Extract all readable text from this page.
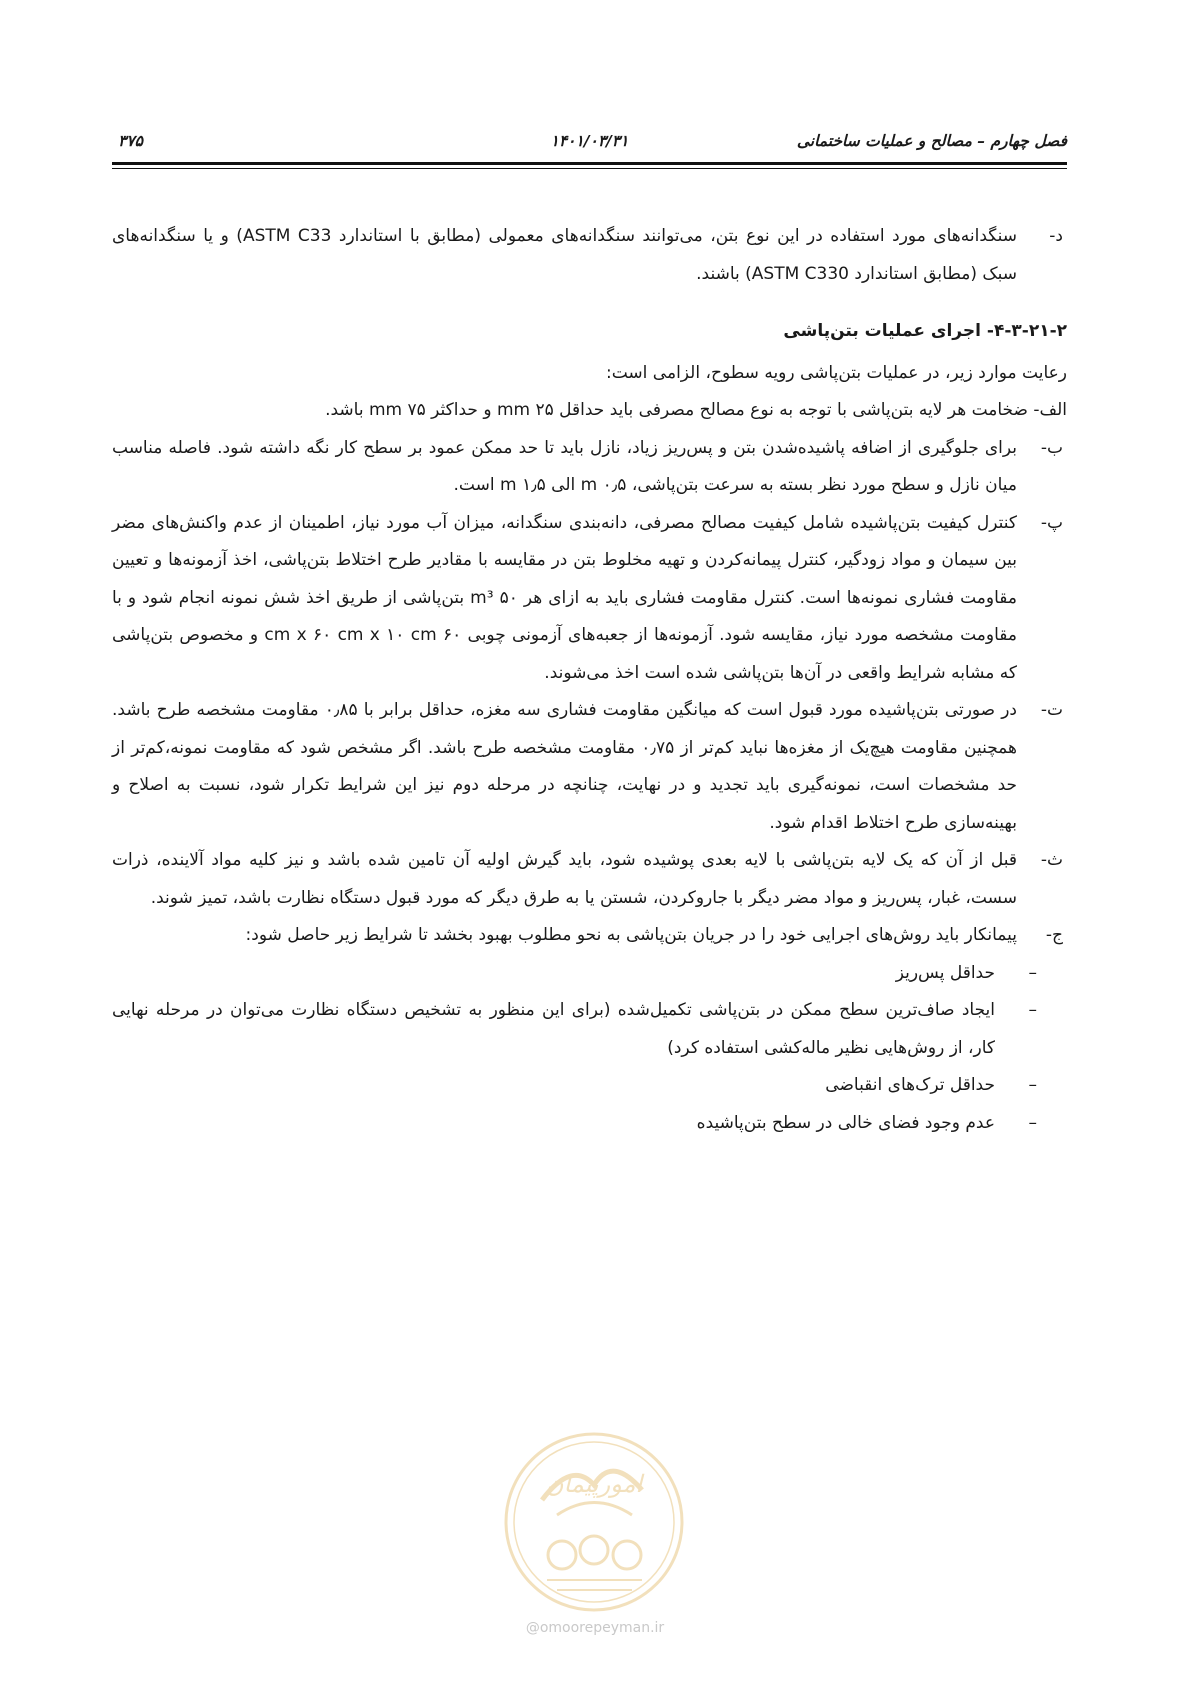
فصل چهارم – مصالح و عملیات ساختمانی
۱۴۰۱/۰۳/۳۱
۳۷۵

د-
سنگدانه‌های مورد استفاده در این نوع بتن، می‌توانند سنگدانه‌های معمولی (مطابق با استاندارد ASTM C33) و یا سنگدانه‌های سبک (مطابق استاندارد ASTM C330) باشند.

۴-۳-۲۱-۲- اجرای عملیات بتن‌پاشی

رعایت موارد زیر، در عملیات بتن‌پاشی رویه سطوح، الزامی است:

الف- ضخامت هر لایه بتن‌پاشی با توجه به نوع مصالح مصرفی باید حداقل ۲۵ mm و حداکثر ۷۵ mm باشد.

ب-
برای جلوگیری از اضافه پاشیده‌شدن بتن و پس‌ریز زیاد، نازل باید تا حد ممکن عمود بر سطح کار نگه داشته شود. فاصله مناسب میان نازل و سطح مورد نظر بسته به سرعت بتن‌پاشی، ۰٫۵ m الی ۱٫۵ m است.

پ-
کنترل کیفیت بتن‌پاشیده شامل کیفیت مصالح مصرفی، دانه‌بندی سنگدانه، میزان آب مورد نیاز، اطمینان از عدم واکنش‌های مضر بین سیمان و مواد زودگیر، کنترل پیمانه‌کردن و تهیه مخلوط بتن در مقایسه با مقادیر طرح اختلاط بتن‌پاشی، اخذ آزمونه‌ها و تعیین مقاومت فشاری نمونه‌ها است. کنترل مقاومت فشاری باید به ازای هر ۵۰ m³ بتن‌پاشی از طریق اخذ شش نمونه انجام شود و با مقاومت مشخصه مورد نیاز، مقایسه شود. آزمونه‌ها از جعبه‌های آزمونی چوبی ۶۰ cm x ۶۰ cm x ۱۰ cm و مخصوص بتن‌پاشی که مشابه شرایط واقعی در آن‌ها بتن‌پاشی شده است اخذ می‌شوند.

ت-
در صورتی بتن‌پاشیده مورد قبول است که میانگین مقاومت فشاری سه مغزه، حداقل برابر با ۰٫۸۵ مقاومت مشخصه طرح باشد. همچنین مقاومت هیچ‌یک از مغزه‌ها نباید کم‌تر از ۰٫۷۵ مقاومت مشخصه طرح باشد. اگر مشخص شود که مقاومت نمونه،کم‌تر از حد مشخصات است، نمونه‌گیری باید تجدید و در نهایت، چنانچه در مرحله دوم نیز این شرایط تکرار شود، نسبت به اصلاح و بهینه‌سازی طرح اختلاط اقدام شود.

ث-
قبل از آن که یک لایه بتن‌پاشی با لایه بعدی پوشیده شود، باید گیرش اولیه آن تامین شده باشد و نیز کلیه مواد آلاینده، ذرات سست، غبار، پس‌ریز و مواد مضر دیگر با جاروکردن، شستن یا به طرق دیگر که مورد قبول دستگاه نظارت باشد، تمیز شوند.

ج-
پیمانکار باید روش‌های اجرایی خود را در جریان بتن‌پاشی به نحو مطلوب بهبود بخشد تا شرایط زیر حاصل شود:

–
حداقل پس‌ریز

–
ایجاد صاف‌ترین سطح ممکن در بتن‌پاشی تکمیل‌شده (برای این منظور به تشخیص دستگاه نظارت می‌توان در مرحله نهایی کار، از روش‌هایی نظیر ماله‌کشی استفاده کرد)

–
حداقل ترک‌های انقباضی

–
عدم وجود فضای خالی در سطح بتن‌پاشیده

امورپیمان
@omoorepeyman.ir
